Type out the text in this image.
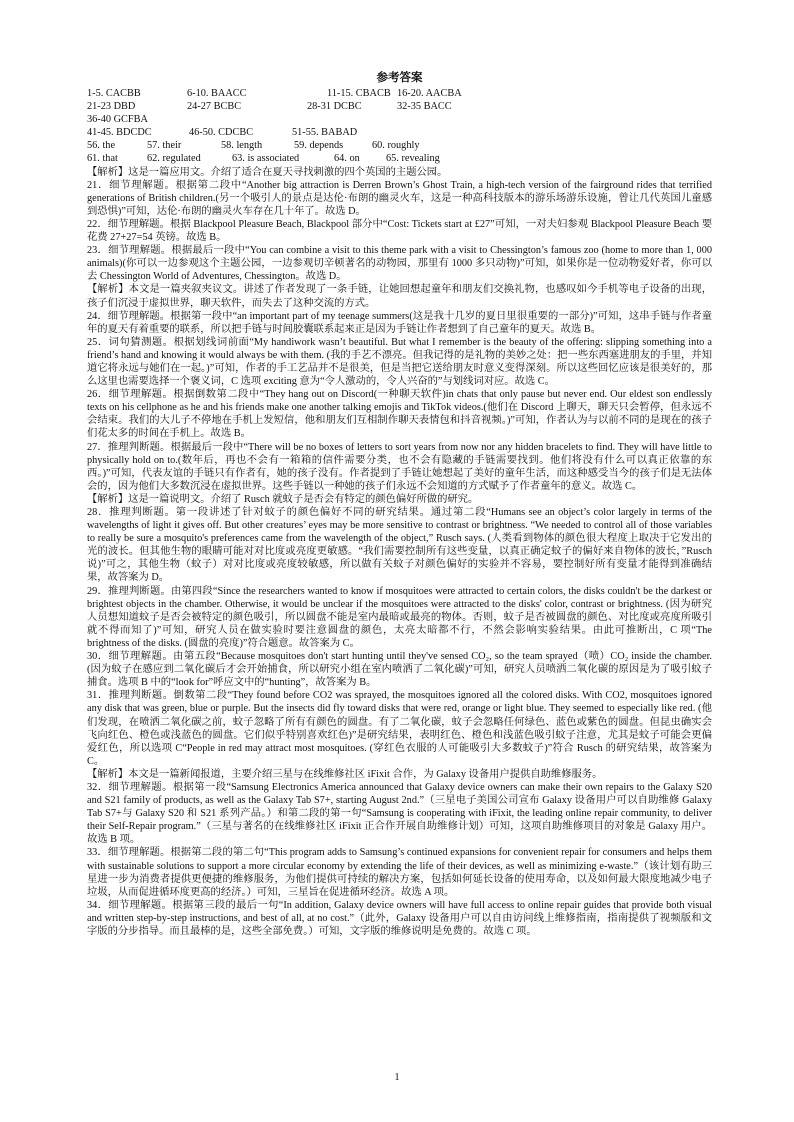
参考答案
1-5. CACBB	6-10. BAACC	11-15. CBACB 16-20. AACBA
21-23 DBD	24-27 BCBC	28-31 DCBC	32-35 BACC
36-40 GCFBA
41-45. BDCDC	46-50. CDCBC	51-55. BABAD
56. the	57. their	58. length	59. depends	60. roughly
61. that	62. regulated	63. is associated	64. on	65. revealing

【解析】这是一篇应用文。介绍了适合在夏天寻找刺激的四个英国的主题公园。

21．细节理解题。根据第二段中“Another big attraction is Derren Brown’s Ghost Train, a high-tech version of the fairground rides that terrified generations of British children.(另一个吸引人的景点是达伦·布朗的幽灵火车，这是一种高科技版本的游乐场游乐设施，曾让几代英国儿童感到恐惧)”可知，达伦·布朗的幽灵火车存在几十年了。故选 D。

22．细节理解题。根据 Blackpool Pleasure Beach, Blackpool 部分中“Cost: Tickets start at £27”可知，一对夫妇参观 Blackpool Pleasure Beach 要花费 27+27=54 英镑。故选 B。

23．细节理解题。根据最后一段中“You can combine a visit to this theme park with a visit to Chessington’s famous zoo (home to more than 1, 000 animals)(你可以一边参观这个主题公园，一边参观切辛顿著名的动物园，那里有 1000 多只动物)”可知，如果你是一位动物爱好者，你可以去 Chessington World of Adventures, Chessington。故选 D。

【解析】本文是一篇夹叙夹议文。讲述了作者发现了一条手链，让她回想起童年和朋友们交换礼物，也感叹如今手机等电子设备的出现，孩子们沉浸于虚拟世界，聊天软件，而失去了这种交流的方式。

24．细节理解题。根据第一段中“an important part of my teenage summers(这是我十几岁的夏日里很重要的一部分)”可知，这串手链与作者童年的夏天有着重要的联系，所以把手链与时间胶囊联系起来正是因为手链让作者想到了自己童年的夏天。故选 B。

25．词句猜测题。根据划线词前面“My handiwork wasn’t beautiful. But what I remember is the beauty of the offering: slipping something into a friend’s hand and knowing it would always be with them. (我的手艺不漂亮。但我记得的是礼物的美妙之处：把一些东西塞进朋友的手里，并知道它将永远与她们在一起。)”可知，作者的手工艺品并不是很美，但是当把它送给朋友时意义变得深刻。所以这些回忆应该是很美好的，那么这里也需要选择一个褒义词，C 选项 exciting 意为“令人激动的，令人兴奋的”与划线词对应。故选 C。

26．细节理解题。根据倒数第二段中“They hang out on Discord(一种聊天软件)in chats that only pause but never end. Our eldest son endlessly texts on his cellphone as he and his friends make one another talking emojis and TikTok videos.(他们在 Discord 上聊天，聊天只会暂停，但永远不会结束。我们的大儿子不停地在手机上发短信，他和朋友们互相制作聊天表情包和抖音视频。)”可知，作者认为与以前不同的是现在的孩子们花太多的时间在手机上。故选 B。

27．推理判断题。根据最后一段中“There will be no boxes of letters to sort years from now nor any hidden bracelets to find. They will have little to physically hold on to.(数年后，再也不会有一箱箱的信件需要分类，也不会有隐藏的手链需要找到。他们将没有什么可以真正依靠的东西。)”可知，代表友谊的手链只有作者有，她的孩子没有。作者提到了手链让她想起了美好的童年生活，而这种感受当今的孩子们是无法体会的，因为他们大多数沉浸在虚拟世界。这些手链以一种她的孩子们永远不会知道的方式赋予了作者童年的意义。故选 C。

【解析】这是一篇说明文。介绍了 Rusch 就蚊子是否会有特定的颜色偏好所做的研究。

28．推理判断题。第一段讲述了针对蚊子的颜色偏好不同的研究结果。通过第二段“Humans see an object’s color largely in terms of the wavelengths of light it gives off. But other creatures’ eyes may be more sensitive to contrast or brightness. “We needed to control all of those variables to really be sure a mosquito's preferences came from the wavelength of the object,” Rusch says. (人类看到物体的颜色很大程度上取决于它发出的光的波长。但其他生物的眼睛可能对对比度或亮度更敏感。“我们需要控制所有这些变量，以真正确定蚊子的偏好来自物体的波长，”Rusch 说)”可之，其他生物（蚊子）对对比度或亮度较敏感，所以做有关蚊子对颜色偏好的实验并不容易，要控制好所有变量才能得到准确结果，故答案为 D。

29．推理判断题。由第四段“Since the researchers wanted to know if mosquitoes were attracted to certain colors, the disks couldn't be the darkest or brightest objects in the chamber. Otherwise, it would be unclear if the mosquitoes were attracted to the disks' color, contrast or brightness. (因为研究人员想知道蚊子是否会被特定的颜色吸引，所以圆盘不能是室内最暗或最亮的物体。否则，蚊子是否被圆盘的颜色、对比度或亮度所吸引就不得而知了)”可知，研究人员在做实验时要注意圆盘的颜色，太亮太暗都不行，不然会影响实验结果。由此可推断出，C 项“The brightness of the disks. (圆盘的亮度)”符合题意。故答案为 C。

30．细节理解题。由第五段“Because mosquitoes don't start hunting until they've sensed CO₂, so the team sprayed（喷）CO₂ inside the chamber. (因为蚊子在感应到二氧化碳后才会开始捕食，所以研究小组在室内喷洒了二氧化碳)”可知，研究人员喷洒二氧化碳的原因是为了吸引蚊子捕食。选项 B 中的“look for”呼应文中的“hunting”，故答案为 B。

31．推理判断题。倒数第二段“They found before CO2 was sprayed, the mosquitoes ignored all the colored disks. With CO2, mosquitoes ignored any disk that was green, blue or purple. But the insects did fly toward disks that were red, orange or light blue. They seemed to especially like red. (他们发现，在喷洒二氧化碳之前，蚊子忽略了所有有颜色的圆盘。有了二氧化碳，蚊子会忽略任何绿色、蓝色或紫色的圆盘。但昆虫确实会飞向红色、橙色或浅蓝色的圆盘。它们似乎特别喜欢红色)”是研究结果，表明红色、橙色和浅蓝色吸引蚊子注意，尤其是蚊子可能会更偏爱红色，所以选项 C“People in red may attract most mosquitoes. (穿红色衣服的人可能吸引大多数蚊子)”符合 Rusch 的研究结果，故答案为 C。

【解析】本文是一篇新闻报道，主要介绍三星与在线维修社区 iFixit 合作，为 Galaxy 设备用户提供自助维修服务。

32．细节理解题。根据第一段“Samsung Electronics America announced that Galaxy device owners can make their own repairs to the Galaxy S20 and S21 family of products, as well as the Galaxy Tab S7+, starting August 2nd.”（三星电子美国公司宣布 Galaxy 设备用户可以自助维修 Galaxy Tab S7+与 Galaxy S20 和 S21 系列产品。）和第二段的第一句“Samsung is cooperating with iFixit, the leading online repair community, to deliver their Self-Repair program.”（三星与著名的在线维修社区 iFixit 正合作开展自助维修计划）可知，这项自助维修项目的对象是 Galaxy 用户。故选 B 项。

33．细节理解题。根据第二段的第二句“This program adds to Samsung’s continued expansions for convenient repair for consumers and helps them with sustainable solutions to support a more circular economy by extending the life of their devices, as well as minimizing e-waste.”（该计划有助三星进一步为消费者提供更便捷的维修服务，为他们提供可持续的解决方案，包括如何延长设备的使用寿命，以及如何最大限度地减少电子垃圾，从而促进循环度更高的经济。）可知，三星旨在促进循环经济。故选 A 项。

34．细节理解题。根据第三段的最后一句“In addition, Galaxy device owners will have full access to online repair guides that provide both visual and written step-by-step instructions, and best of all, at no cost.”（此外，Galaxy 设备用户可以自由访问线上维修指南，指南提供了视频版和文字版的分步指导。而且最棒的是，这些全部免费。）可知，文字版的维修说明是免费的。故选 C 项。

1
